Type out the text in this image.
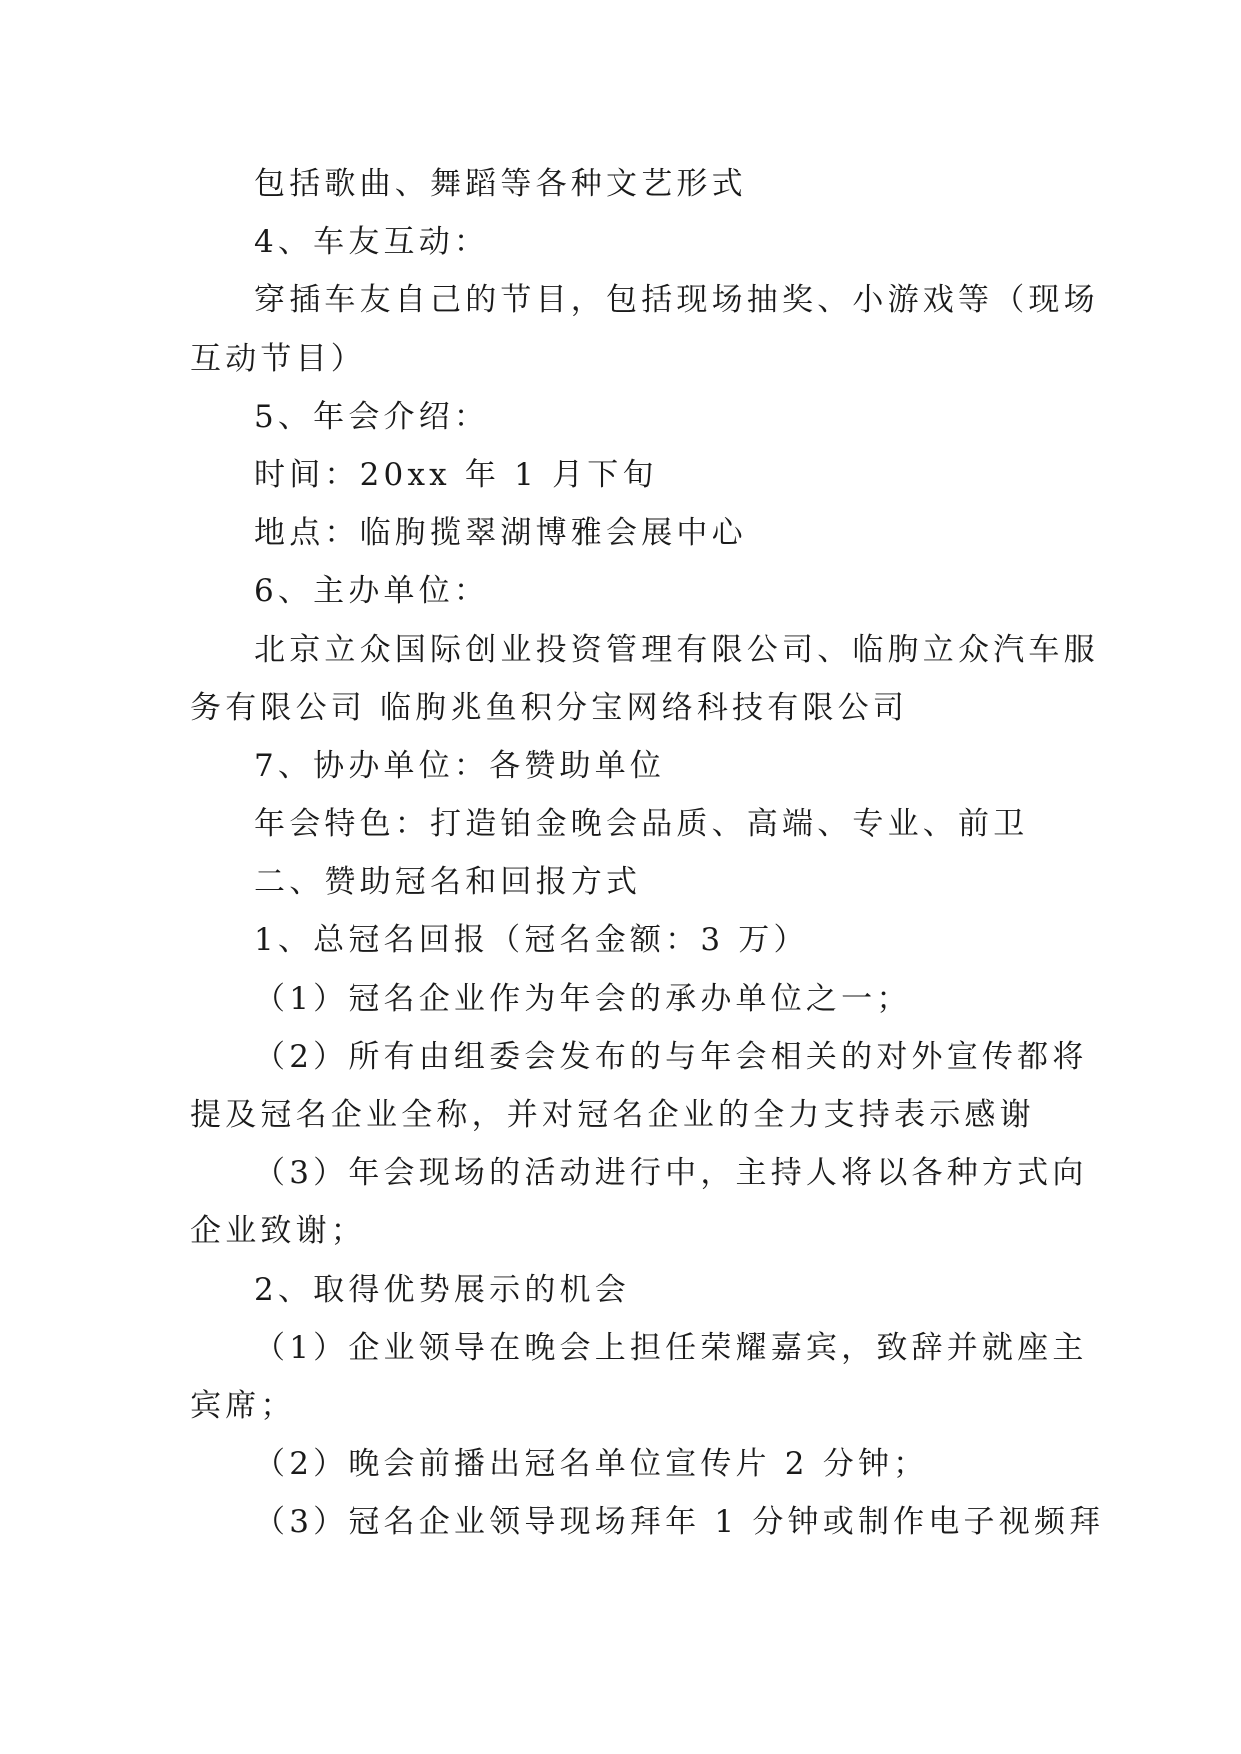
包括歌曲、舞蹈等各种文艺形式

4、车友互动：

穿插车友自己的节目，包括现场抽奖、小游戏等（现场

互动节目）

5、年会介绍：

时间：20xx 年 1 月下旬

地点：临朐揽翠湖博雅会展中心

6、主办单位：

北京立众国际创业投资管理有限公司、临朐立众汽车服

务有限公司 临朐兆鱼积分宝网络科技有限公司

7、协办单位：各赞助单位

年会特色：打造铂金晚会品质、高端、专业、前卫

二、赞助冠名和回报方式

1、总冠名回报（冠名金额：3 万）

（1）冠名企业作为年会的承办单位之一；

（2）所有由组委会发布的与年会相关的对外宣传都将

提及冠名企业全称，并对冠名企业的全力支持表示感谢

（3）年会现场的活动进行中，主持人将以各种方式向

企业致谢；

2、取得优势展示的机会

（1）企业领导在晚会上担任荣耀嘉宾，致辞并就座主

宾席；

（2）晚会前播出冠名单位宣传片 2 分钟；

（3）冠名企业领导现场拜年 1 分钟或制作电子视频拜
